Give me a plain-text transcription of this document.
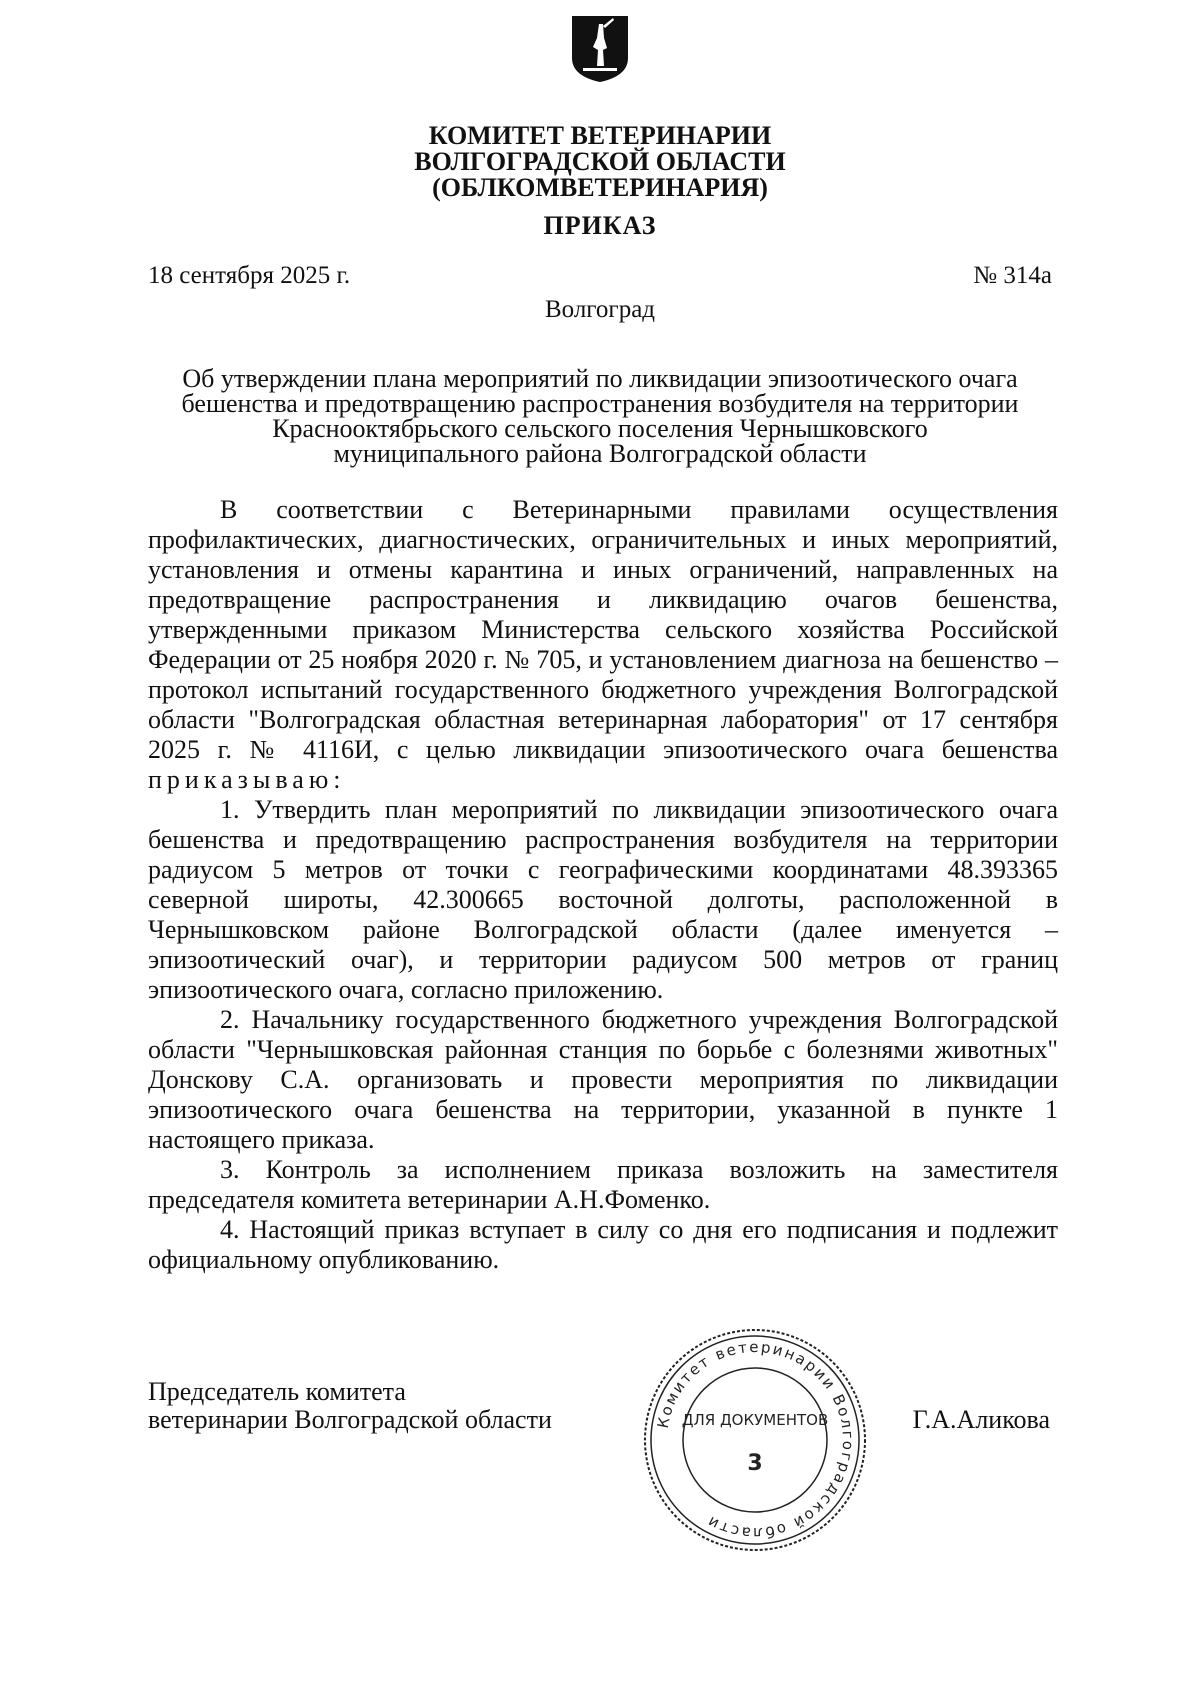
КОМИТЕТ ВЕТЕРИНАРИИ
ВОЛГОГРАДСКОЙ ОБЛАСТИ
(ОБЛКОМВЕТЕРИНАРИЯ)
ПРИКАЗ
18 сентября 2025 г.	№ 314а
Волгоград
Об утверждении плана мероприятий по ликвидации эпизоотического очага
бешенства и предотвращению распространения возбудителя на территории
Краснооктябрьского сельского поселения Чернышковского
муниципального района Волгоградской области

В соответствии с Ветеринарными правилами осуществления профилактических, диагностических, ограничительных и иных мероприятий, установления и отмены карантина и иных ограничений, направленных на предотвращение распространения и ликвидацию очагов бешенства, утвержденными приказом Министерства сельского хозяйства Российской Федерации от 25 ноября 2020 г. № 705, и установлением диагноза на бешенство – протокол испытаний государственного бюджетного учреждения Волгоградской области "Волгоградская областная ветеринарная лаборатория" от 17 сентября 2025 г. № 4116И, с целью ликвидации эпизоотического очага бешенства приказываю:

1. Утвердить план мероприятий по ликвидации эпизоотического очага бешенства и предотвращению распространения возбудителя на территории радиусом 5 метров от точки с географическими координатами 48.393365 северной широты, 42.300665 восточной долготы, расположенной в Чернышковском районе Волгоградской области (далее именуется – эпизоотический очаг), и территории радиусом 500 метров от границ эпизоотического очага, согласно приложению.

2. Начальнику государственного бюджетного учреждения Волгоградской области "Чернышковская районная станция по борьбе с болезнями животных" Донскову С.А. организовать и провести мероприятия по ликвидации эпизоотического очага бешенства на территории, указанной в пункте 1 настоящего приказа.

3. Контроль за исполнением приказа возложить на заместителя председателя комитета ветеринарии А.Н.Фоменко.

4. Настоящий приказ вступает в силу со дня его подписания и подлежит официальному опубликованию.

Председатель комитета
ветеринарии Волгоградской области	Г.А.Аликова
Комитет ветеринарии Волгоградской области
ДЛЯ ДОКУМЕНТОВ
3
